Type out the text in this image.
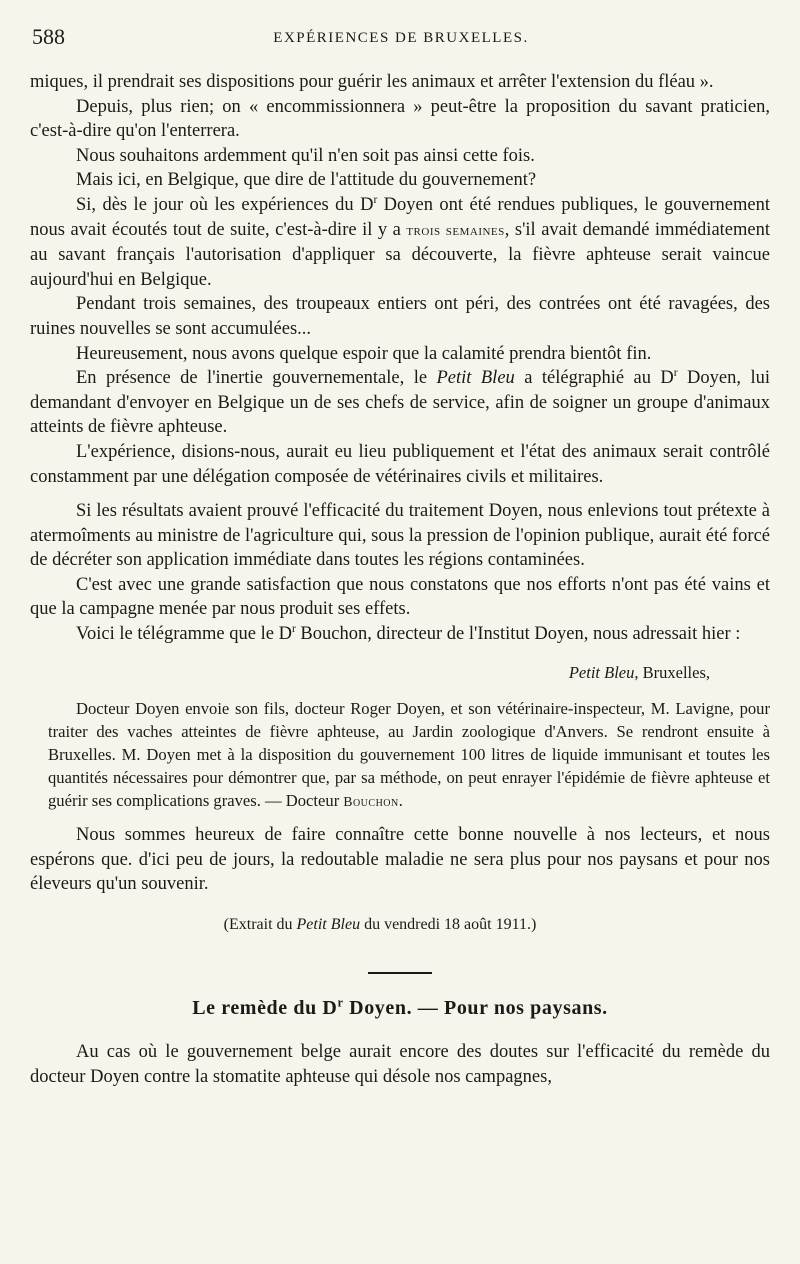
588	EXPÉRIENCES DE BRUXELLES.

miques, il prendrait ses dispositions pour guérir les animaux et arrêter l'extension du fléau ».

Depuis, plus rien; on « encommissionnera » peut-être la proposition du savant praticien, c'est-à-dire qu'on l'enterrera.

Nous souhaitons ardemment qu'il n'en soit pas ainsi cette fois.

Mais ici, en Belgique, que dire de l'attitude du gouvernement?

Si, dès le jour où les expériences du $D^r$ Doyen ont été rendues publiques, le gouvernement nous avait écoutés tout de suite, c'est-à-dire il y a trois semaines, s'il avait demandé immédiatement au savant français l'autorisation d'appliquer sa découverte, la fièvre aphteuse serait vaincue aujourd'hui en Belgique.

Pendant trois semaines, des troupeaux entiers ont péri, des contrées ont été ravagées, des ruines nouvelles se sont accumulées...

Heureusement, nous avons quelque espoir que la calamité prendra bientôt fin.

En présence de l'inertie gouvernementale, le Petit Bleu a télégraphié au $D^r$ Doyen, lui demandant d'envoyer en Belgique un de ses chefs de service, afin de soigner un groupe d'animaux atteints de fièvre aphteuse.

L'expérience, disions-nous, aurait eu lieu publiquement et l'état des animaux serait contrôlé constamment par une délégation composée de vétérinaires civils et militaires.

Si les résultats avaient prouvé l'efficacité du traitement Doyen, nous enlevions tout prétexte à atermoîments au ministre de l'agriculture qui, sous la pression de l'opinion publique, aurait été forcé de décréter son application immédiate dans toutes les régions contaminées.

C'est avec une grande satisfaction que nous constatons que nos efforts n'ont pas été vains et que la campagne menée par nous produit ses effets.

Voici le télégramme que le $D^r$ Bouchon, directeur de l'Institut Doyen, nous adressait hier :

Petit Bleu, Bruxelles,

Docteur Doyen envoie son fils, docteur Roger Doyen, et son vétérinaire-inspecteur, M. Lavigne, pour traiter des vaches atteintes de fièvre aphteuse, au Jardin zoologique d'Anvers. Se rendront ensuite à Bruxelles. M. Doyen met à la disposition du gouvernement 100 litres de liquide immunisant et toutes les quantités nécessaires pour démontrer que, par sa méthode, on peut enrayer l'épidémie de fièvre aphteuse et guérir ses complications graves. — Docteur Bouchon.

Nous sommes heureux de faire connaître cette bonne nouvelle à nos lecteurs, et nous espérons que. d'ici peu de jours, la redoutable maladie ne sera plus pour nos paysans et pour nos éleveurs qu'un souvenir.

(Extrait du Petit Bleu du vendredi 18 août 1911.)
Le remède du $D^r$ Doyen. — Pour nos paysans.

Au cas où le gouvernement belge aurait encore des doutes sur l'efficacité du remède du docteur Doyen contre la stomatite aphteuse qui désole nos campagnes,
